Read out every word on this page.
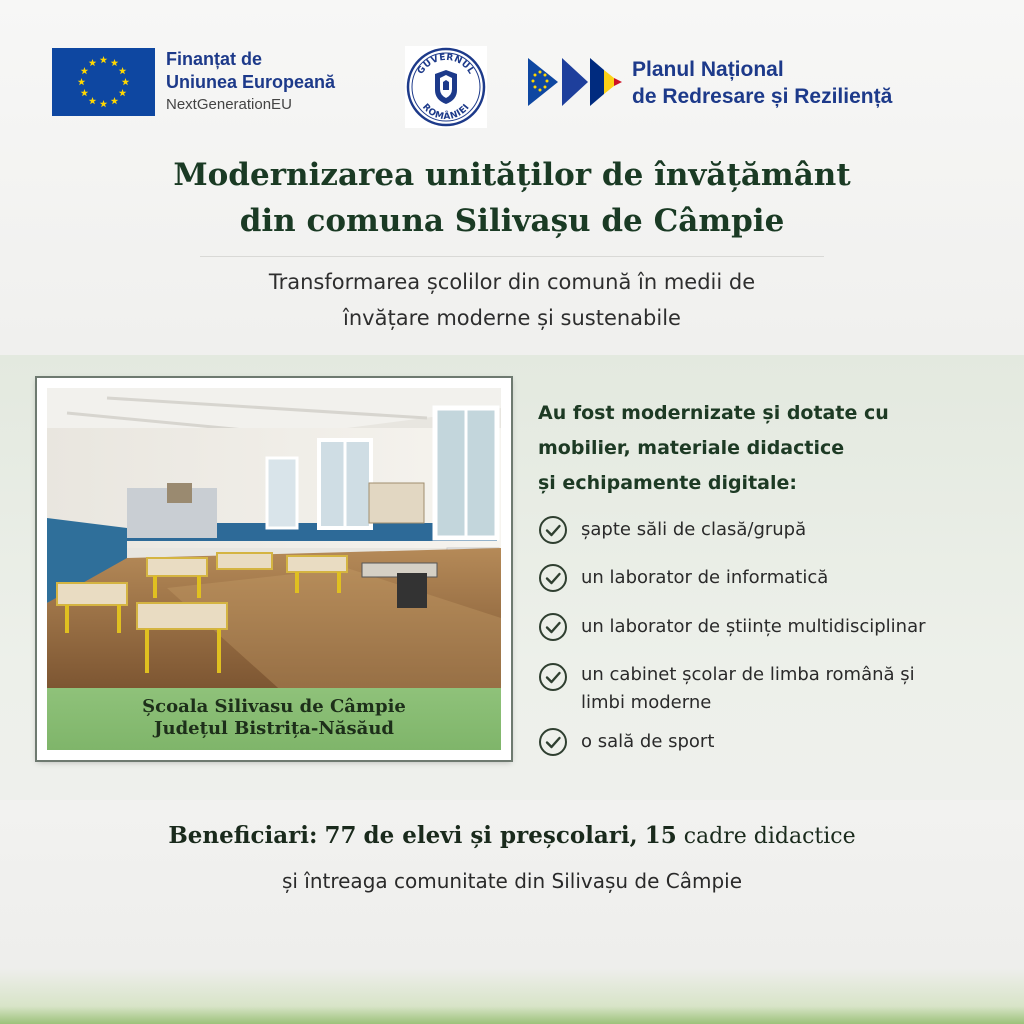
Finanțat de
Uniunea Europeană
NextGenerationEU
GUVERNUL
ROMÂNIEI
Planul Național
de Redresare și Reziliență
Modernizarea unităților de învățământ
din comuna Silivașu de Câmpie
Transformarea școlilor din comună în medii de
învățare moderne și sustenabile
Școala Silivasu de Câmpie
Județul Bistrița-Năsăud
Au fost modernizate și dotate cu
mobilier, materiale didactice
și echipamente digitale:
șapte săli de clasă/grupă
un laborator de informatică
un laborator de științe multidisciplinar
un cabinet școlar de limba română și
limbi moderne
o sală de sport
Beneficiari: 77 de elevi și preșcolari, 15 cadre didactice
și întreaga comunitate din Silivașu de Câmpie
